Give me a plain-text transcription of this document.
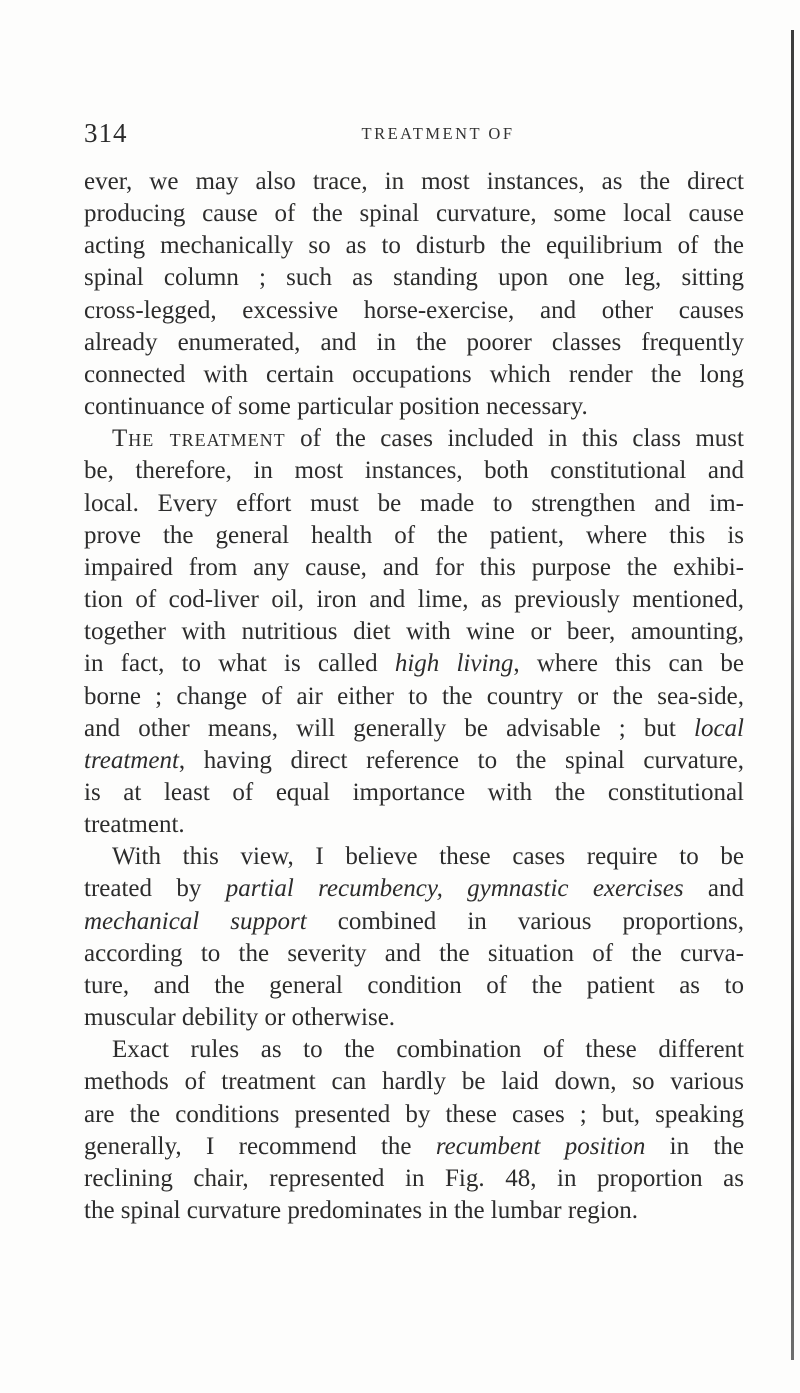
314	TREATMENT OF
ever, we may also trace, in most instances, as the direct
producing cause of the spinal curvature, some local cause
acting mechanically so as to disturb the equilibrium of the
spinal column ; such as standing upon one leg, sitting
cross-legged, excessive horse-exercise, and other causes
already enumerated, and in the poorer classes frequently
connected with certain occupations which render the long
continuance of some particular position necessary.
The treatment of the cases included in this class must
be, therefore, in most instances, both constitutional and
local. Every effort must be made to strengthen and im-
prove the general health of the patient, where this is
impaired from any cause, and for this purpose the exhibi-
tion of cod-liver oil, iron and lime, as previously mentioned,
together with nutritious diet with wine or beer, amounting,
in fact, to what is called high living, where this can be
borne ; change of air either to the country or the sea-side,
and other means, will generally be advisable ; but local
treatment, having direct reference to the spinal curvature,
is at least of equal importance with the constitutional
treatment.
With this view, I believe these cases require to be
treated by partial recumbency, gymnastic exercises and
mechanical support combined in various proportions,
according to the severity and the situation of the curva-
ture, and the general condition of the patient as to
muscular debility or otherwise.
Exact rules as to the combination of these different
methods of treatment can hardly be laid down, so various
are the conditions presented by these cases ; but, speaking
generally, I recommend the recumbent position in the
reclining chair, represented in Fig. 48, in proportion as
the spinal curvature predominates in the lumbar region.
